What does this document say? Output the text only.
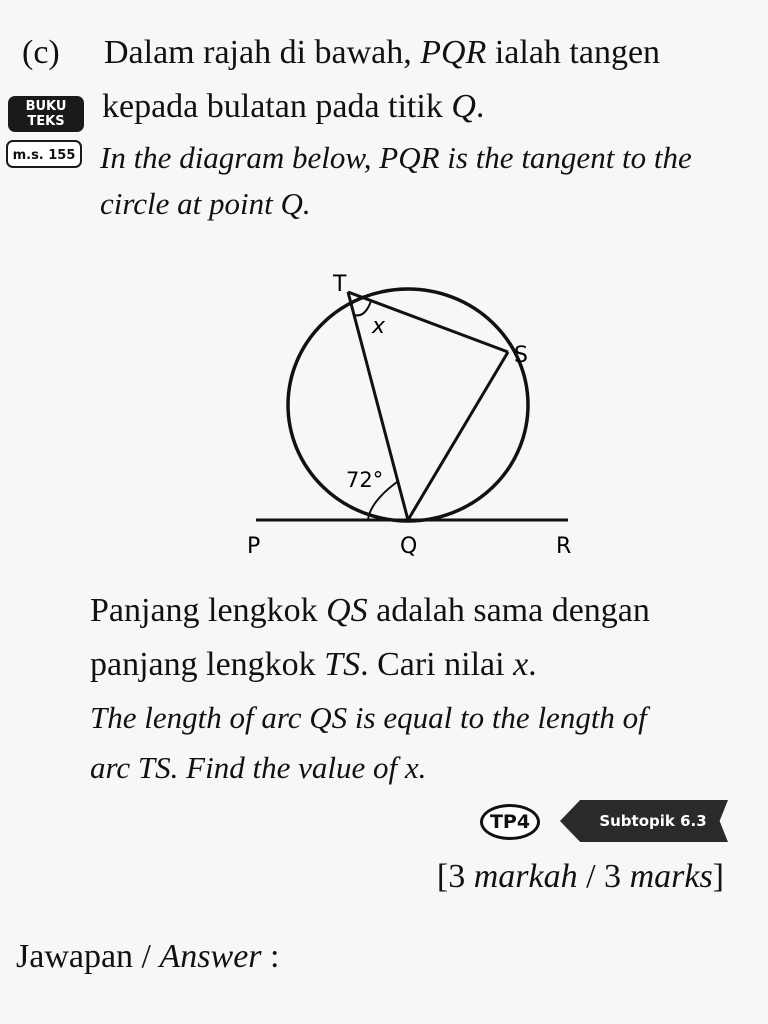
(c) Dalam rajah di bawah, PQR ialah tangen
BUKU
TEKS	kepada bulatan pada titik Q.
m.s. 155 In the diagram below, PQR is the tangent to the
circle at point Q.
T
S
P	Q	R
x
72°
Panjang lengkok QS adalah sama dengan
panjang lengkok TS. Cari nilai x.
The length of arc QS is equal to the length of
arc TS. Find the value of x.
TP4	Subtopik 6.3
[3 markah / 3 marks]
Jawapan / Answer :
